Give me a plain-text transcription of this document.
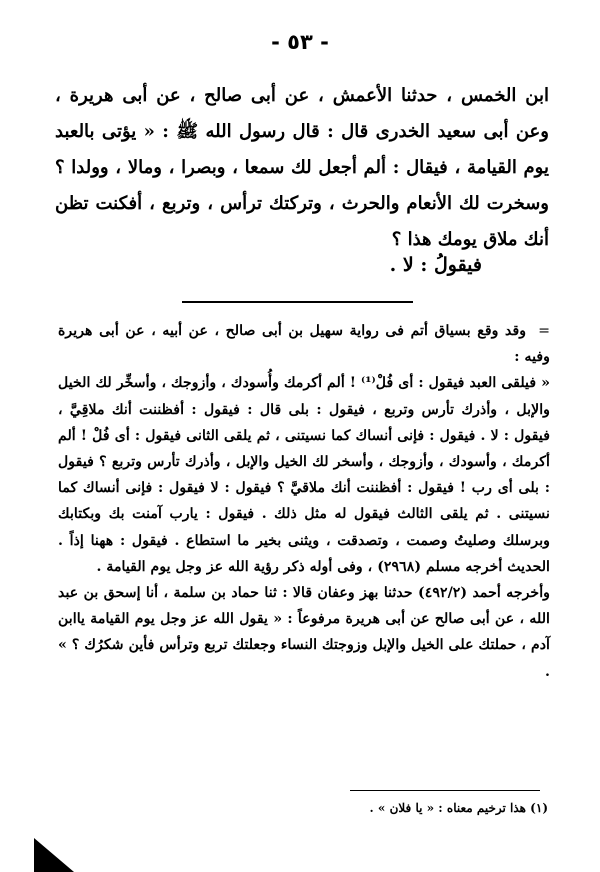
- ٥٣ -

ابن الخمس ، حدثنا الأعمش ، عن أبى صالح ، عن أبى هريرة ، وعن أبى سعيد الخدرى قال : قال رسول الله ﷺ : « يؤتى بالعبد يوم القيامة ، فيقال : ألم أجعل لك سمعا ، وبصرا ، ومالا ، وولدا ؟ وسخرت لك الأنعام والحرث ، وتركتك ترأس ، وتربع ، أفكنت تظن أنك ملاق يومك هذا ؟

فيقولُ : لا .

=وقد وقع بسياق أتم فى رواية سهيل بن أبى صالح ، عن أبيه ، عن أبى هريرة وفيه :

« فيلقى العبد فيقول : أى فُلْ⁽¹⁾ ! ألم أكرمك وأُسودك ، وأزوجك ، وأسخِّر لك الخيل والإبل ، وأذرك تأرس وتربع ، فيقول : بلى قال : فيقول : أفظننت أنك ملاقِيَّ ، فيقول : لا . فيقول : فإنى أنساك كما نسيتنى ، ثم يلقى الثانى فيقول : أى فُلْ ! ألم أكرمك ، وأسودك ، وأزوجك ، وأسخر لك الخيل والإبل ، وأذرك تأرس وتربع ؟ فيقول : بلى أى رب ! فيقول : أفظننت أنك ملاقيَّ ؟ فيقول : لا فيقول : فإنى أنساك كما نسيتنى . ثم يلقى الثالث فيقول له مثل ذلك . فيقول : يارب آمنت بك وبكتابك وبرسلك وصليتُ وصمت ، وتصدقت ، ويثنى بخير ما استطاع . فيقول : ههنا إذاً . الحديث أخرجه مسلم (٢٩٦٨) ، وفى أوله ذكر رؤية الله عز وجل يوم القيامة .

وأخرجه أحمد (٤٩٢/٢) حدثنا بهز وعفان قالا : ثنا حماد بن سلمة ، أنا إسحق بن عبد الله ، عن أبى صالح عن أبى هريرة مرفوعاً : « يقول الله عز وجل يوم القيامة ياابن آدم ، حملتك على الخيل والإبل وزوجتك النساء وجعلتك تربع وترأس فأين شكرُك ؟ » .

(١) هذا ترخيم معناه : « يا فلان » .
